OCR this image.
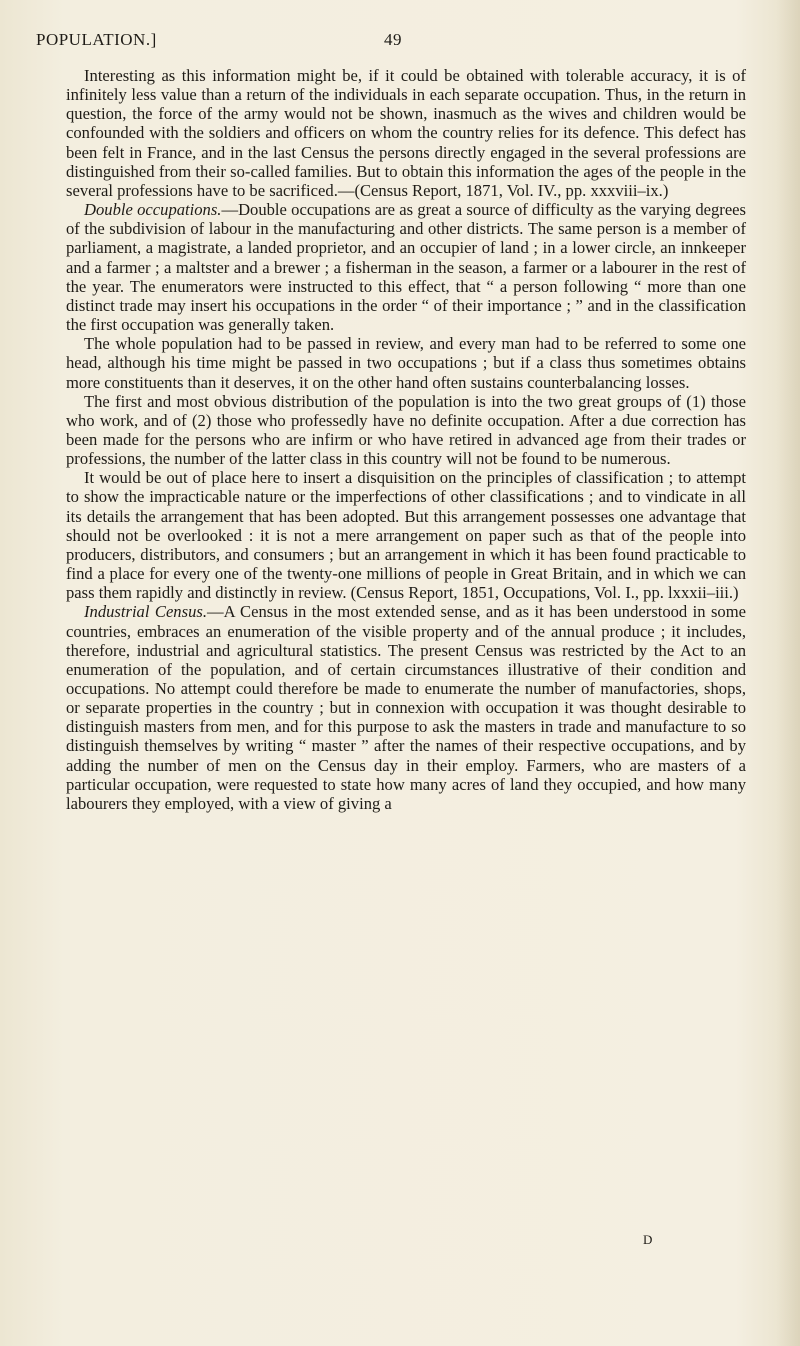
POPULATION.]	49

Interesting as this information might be, if it could be obtained with tolerable accuracy, it is of infinitely less value than a return of the individuals in each separate occupation. Thus, in the return in question, the force of the army would not be shown, inasmuch as the wives and children would be confounded with the soldiers and officers on whom the country relies for its defence. This defect has been felt in France, and in the last Census the persons directly engaged in the several professions are distinguished from their so-called families. But to obtain this information the ages of the people in the several professions have to be sacrificed.—(Census Report, 1871, Vol. IV., pp. xxxviii–ix.)

Double occupations.—Double occupations are as great a source of difficulty as the varying degrees of the subdivision of labour in the manufacturing and other districts. The same person is a member of parliament, a magistrate, a landed proprietor, and an occupier of land ; in a lower circle, an innkeeper and a farmer ; a maltster and a brewer ; a fisherman in the season, a farmer or a labourer in the rest of the year. The enumerators were instructed to this effect, that “ a person following “ more than one distinct trade may insert his occupations in the order “ of their importance ; ” and in the classification the first occupation was generally taken.

The whole population had to be passed in review, and every man had to be referred to some one head, although his time might be passed in two occupations ; but if a class thus sometimes obtains more constituents than it deserves, it on the other hand often sustains counterbalancing losses.

The first and most obvious distribution of the population is into the two great groups of (1) those who work, and of (2) those who professedly have no definite occupation. After a due correction has been made for the persons who are infirm or who have retired in advanced age from their trades or professions, the number of the latter class in this country will not be found to be numerous.

It would be out of place here to insert a disquisition on the principles of classification ; to attempt to show the impracticable nature or the imperfections of other classifications ; and to vindicate in all its details the arrangement that has been adopted. But this arrangement possesses one advantage that should not be overlooked : it is not a mere arrangement on paper such as that of the people into producers, distributors, and consumers ; but an arrangement in which it has been found practicable to find a place for every one of the twenty-one millions of people in Great Britain, and in which we can pass them rapidly and distinctly in review. (Census Report, 1851, Occupations, Vol. I., pp. lxxxii–iii.)

Industrial Census.—A Census in the most extended sense, and as it has been understood in some countries, embraces an enumeration of the visible property and of the annual produce ; it includes, therefore, industrial and agricultural statistics. The present Census was restricted by the Act to an enumeration of the population, and of certain circumstances illustrative of their condition and occupations. No attempt could therefore be made to enumerate the number of manufactories, shops, or separate properties in the country ; but in connexion with occupation it was thought desirable to distinguish masters from men, and for this purpose to ask the masters in trade and manufacture to so distinguish themselves by writing “ master ” after the names of their respective occupations, and by adding the number of men on the Census day in their employ. Farmers, who are masters of a particular occupation, were requested to state how many acres of land they occupied, and how many labourers they employed, with a view of giving a

D
